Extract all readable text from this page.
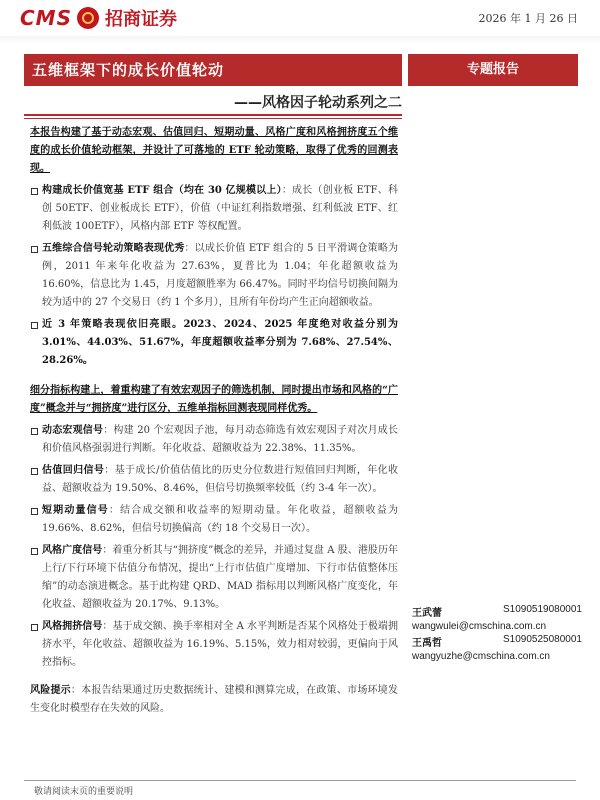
CMS 招商证券	2026 年 1 月 26 日
五维框架下的成长价值轮动	专题报告
——风格因子轮动系列之二

本报告构建了基于动态宏观、估值回归、短期动量、风格广度和风格拥挤度五个维度的成长价值轮动框架，并设计了可落地的 ETF 轮动策略，取得了优秀的回测表现。

构建成长价值宽基 ETF 组合（均在 30 亿规模以上）：成长（创业板 ETF、科创 50ETF、创业板成长 ETF），价值（中证红利指数增强、红利低波 ETF、红利低波 100ETF），风格内部 ETF 等权配置。
五维综合信号轮动策略表现优秀：以成长价值 ETF 组合的 5 日平滑调仓策略为例，2011 年来年化收益为 27.63%，夏普比为 1.04；年化超额收益为 16.60%，信息比为 1.45，月度超额胜率为 66.47%。同时平均信号切换间隔为较为适中的 27 个交易日（约 1 个多月），且所有年份均产生正向超额收益。
近 3 年策略表现依旧亮眼。2023、2024、2025 年度绝对收益分别为 3.01%、44.03%、51.67%，年度超额收益率分别为 7.68%、27.54%、28.26%。

细分指标构建上，着重构建了有效宏观因子的筛选机制，同时提出市场和风格的“广度”概念并与“拥挤度”进行区分，五维单指标回测表现同样优秀。

动态宏观信号：构建 20 个宏观因子池，每月动态筛选有效宏观因子对次月成长和价值风格强弱进行判断。年化收益、超额收益为 22.38%、11.35%。
估值回归信号：基于成长/价值估值比的历史分位数进行短值回归判断，年化收益、超额收益为 19.50%、8.46%，但信号切换频率较低（约 3-4 年一次）。
短期动量信号：结合成交额和收益率的短期动量。年化收益，超额收益为 19.66%、8.62%，但信号切换偏高（约 18 个交易日一次）。
风格广度信号：着重分析其与“拥挤度”概念的差异，并通过复盘 A 股、港股历年上行/下行环境下估值分布情况，提出“上行市估值广度增加、下行市估值整体压缩”的动态演进概念。基于此构建 QRD、MAD 指标用以判断风格广度变化，年化收益、超额收益为 20.17%、9.13%。
风格拥挤信号：基于成交额、换手率相对全 A 水平判断是否某个风格处于极端拥挤水平，年化收益、超额收益为 16.19%、5.15%，效力相对较弱，更偏向于风控指标。

风险提示：本报告结果通过历史数据统计、建模和测算完成，在政策、市场环境发生变化时模型存在失效的风险。

王武蕾	S1090519080001
wangwulei@cmschina.com.cn
王禹哲	S1090525080001
wangyuzhe@cmschina.com.cn
敬请阅读末页的重要说明
